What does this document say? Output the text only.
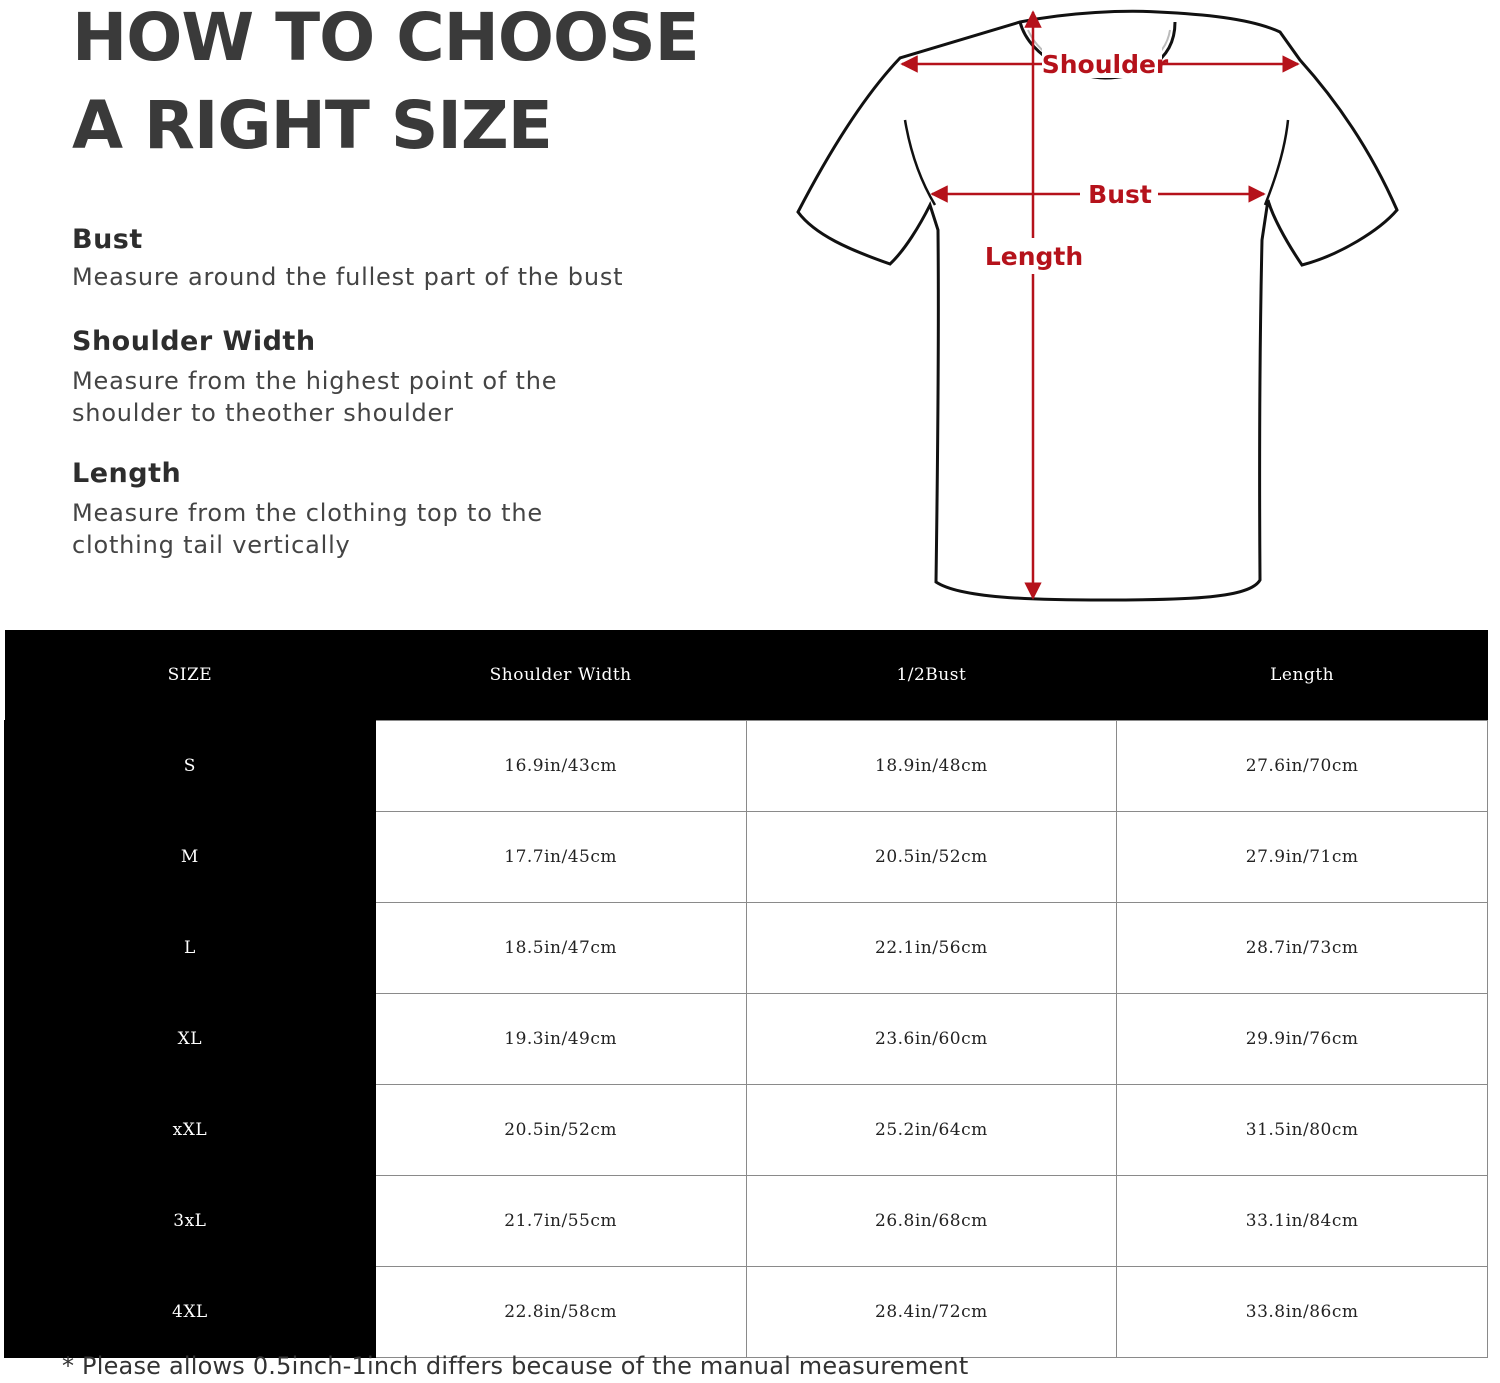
HOW TO CHOOSE
A RIGHT SIZE
Bust

Measure around the fullest part of the bust

Shoulder Width

Measure from the highest point of the
shoulder to theother shoulder

Length

Measure from the clothing top to the
clothing tail vertically

Shoulder
Bust
Length
SIZE	Shoulder Width	1/2Bust	Length
S	16.9in/43cm	18.9in/48cm	27.6in/70cm
M	17.7in/45cm	20.5in/52cm	27.9in/71cm
L	18.5in/47cm	22.1in/56cm	28.7in/73cm
XL	19.3in/49cm	23.6in/60cm	29.9in/76cm
xXL	20.5in/52cm	25.2in/64cm	31.5in/80cm
3xL	21.7in/55cm	26.8in/68cm	33.1in/84cm
4XL	22.8in/58cm	28.4in/72cm	33.8in/86cm
* Please allows 0.5inch-1inch differs because of the manual measurement
